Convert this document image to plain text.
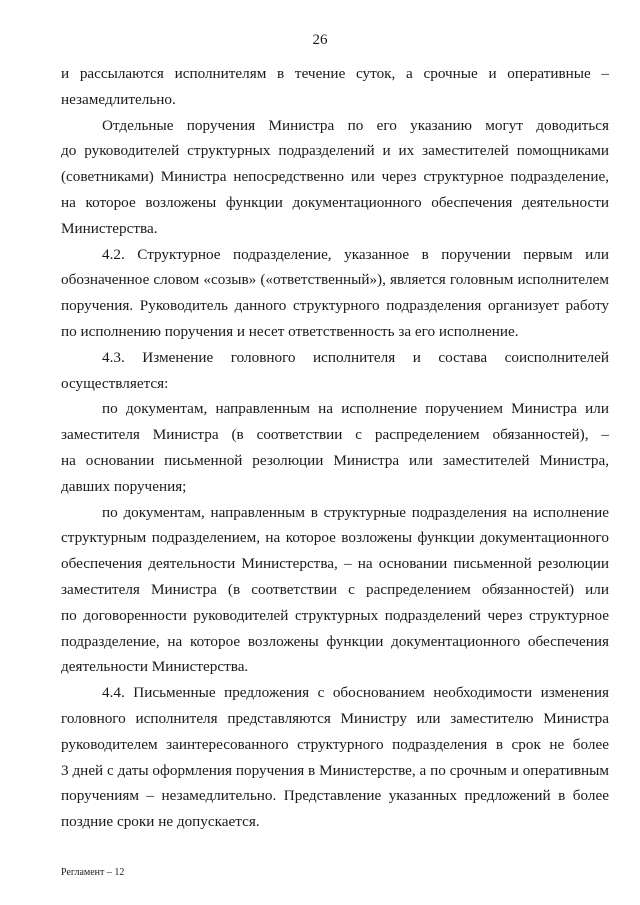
26

и рассылаются исполнителям в течение суток, а срочные и оперативные –
незамедлительно.

Отдельные поручения Министра по его указанию могут доводиться
до руководителей структурных подразделений и их заместителей помощниками
(советниками) Министра непосредственно или через структурное подразделение,
на которое возложены функции документационного обеспечения деятельности
Министерства.

4.2. Структурное подразделение, указанное в поручении первым или
обозначенное словом «созыв» («ответственный»), является головным исполнителем
поручения. Руководитель данного структурного подразделения организует работу
по исполнению поручения и несет ответственность за его исполнение.

4.3. Изменение головного исполнителя и состава соисполнителей
осуществляется:

по документам, направленным на исполнение поручением Министра или
заместителя Министра (в соответствии с распределением обязанностей), –
на основании письменной резолюции Министра или заместителей Министра,
давших поручения;

по документам, направленным в структурные подразделения на исполнение
структурным подразделением, на которое возложены функции документационного
обеспечения деятельности Министерства, – на основании письменной резолюции
заместителя Министра (в соответствии с распределением обязанностей) или
по договоренности руководителей структурных подразделений через структурное
подразделение, на которое возложены функции документационного обеспечения
деятельности Министерства.

4.4. Письменные предложения с обоснованием необходимости изменения
головного исполнителя представляются Министру или заместителю Министра
руководителем заинтересованного структурного подразделения в срок не более
3 дней с даты оформления поручения в Министерстве, а по срочным и оперативным
поручениям – незамедлительно. Представление указанных предложений в более
поздние сроки не допускается.

Регламент – 12
